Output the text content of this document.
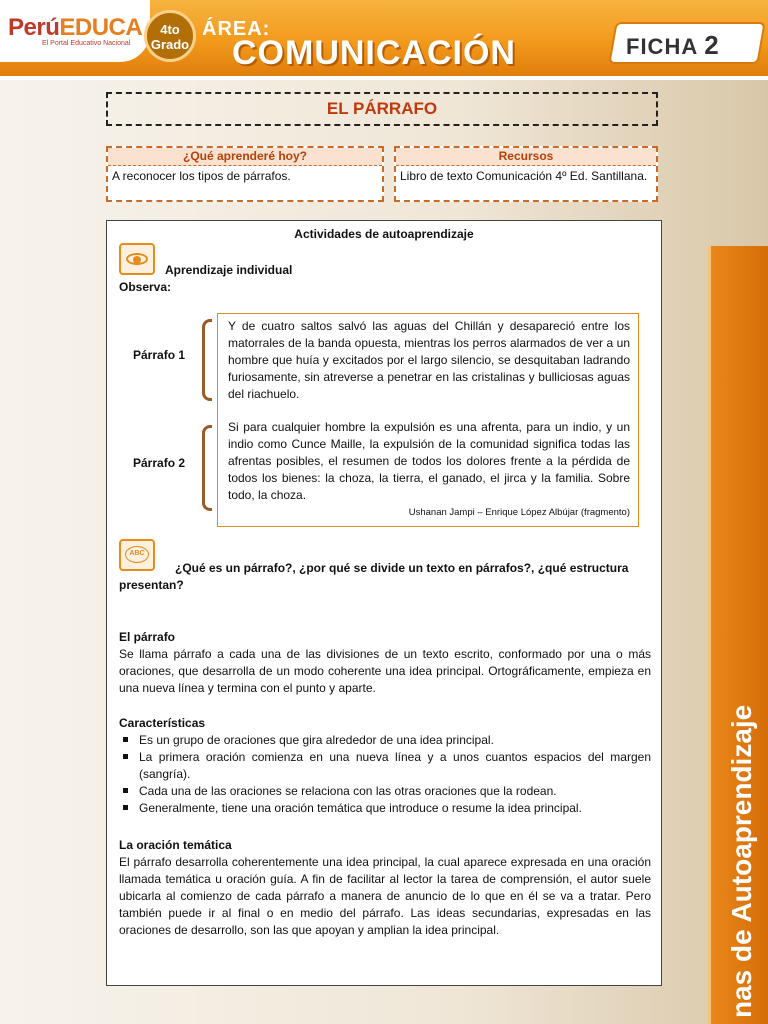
PerúEDUCA
El Portal Educativo Nacional
4to
Grado
ÁREA:
COMUNICACIÓN	FICHA 2
EL PÁRRAFO
¿Qué aprenderé hoy?
A reconocer los tipos de párrafos.
Recursos
Libro de texto Comunicación 4º Ed. Santillana.
Actividades de autoaprendizaje
Aprendizaje individual
Observa:
Párrafo 1
Párrafo 2
Y de cuatro saltos salvó las aguas del Chillán y desapareció entre los matorrales de la banda opuesta, mientras los perros alarmados de ver a un hombre que huía y excitados por el largo silencio, se desquitaban ladrando furiosamente, sin atreverse a penetrar en las cristalinas y bulliciosas aguas del riachuelo.
Si para cualquier hombre la expulsión es una afrenta, para un indio, y un indio como Cunce Maille, la expulsión de la comunidad significa todas las afrentas posibles, el resumen de todos los dolores frente a la pérdida de todos los bienes: la choza, la tierra, el ganado, el jirca y la familia. Sobre todo, la choza.
Ushanan Jampi – Enrique López Albújar (fragmento)
ABC
¿Qué es un párrafo?, ¿por qué se divide un texto en párrafos?, ¿qué estructura presentan?
El párrafo
Se llama párrafo a cada una de las divisiones de un texto escrito, conformado por una o más oraciones, que desarrolla de un modo coherente una idea principal. Ortográficamente, empieza en una nueva línea y termina con el punto y aparte.
Características
Es un grupo de oraciones que gira alrededor de una idea principal.
La primera oración comienza en una nueva línea y a unos cuantos espacios del margen (sangría).
Cada una de las oraciones se relaciona con las otras oraciones que la rodean.
Generalmente, tiene una oración temática que introduce o resume la idea principal.
La oración temática
El párrafo desarrolla coherentemente una idea principal, la cual aparece expresada en una oración llamada temática u oración guía. A fin de facilitar al lector la tarea de comprensión, el autor suele ubicarla al comienzo de cada párrafo a manera de anuncio de lo que en él se va a tratar. Pero también puede ir al final o en medio del párrafo. Las ideas secundarias, expresadas en las oraciones de desarrollo, son las que apoyan y amplian la idea principal.	nas de Autoaprendizaje
